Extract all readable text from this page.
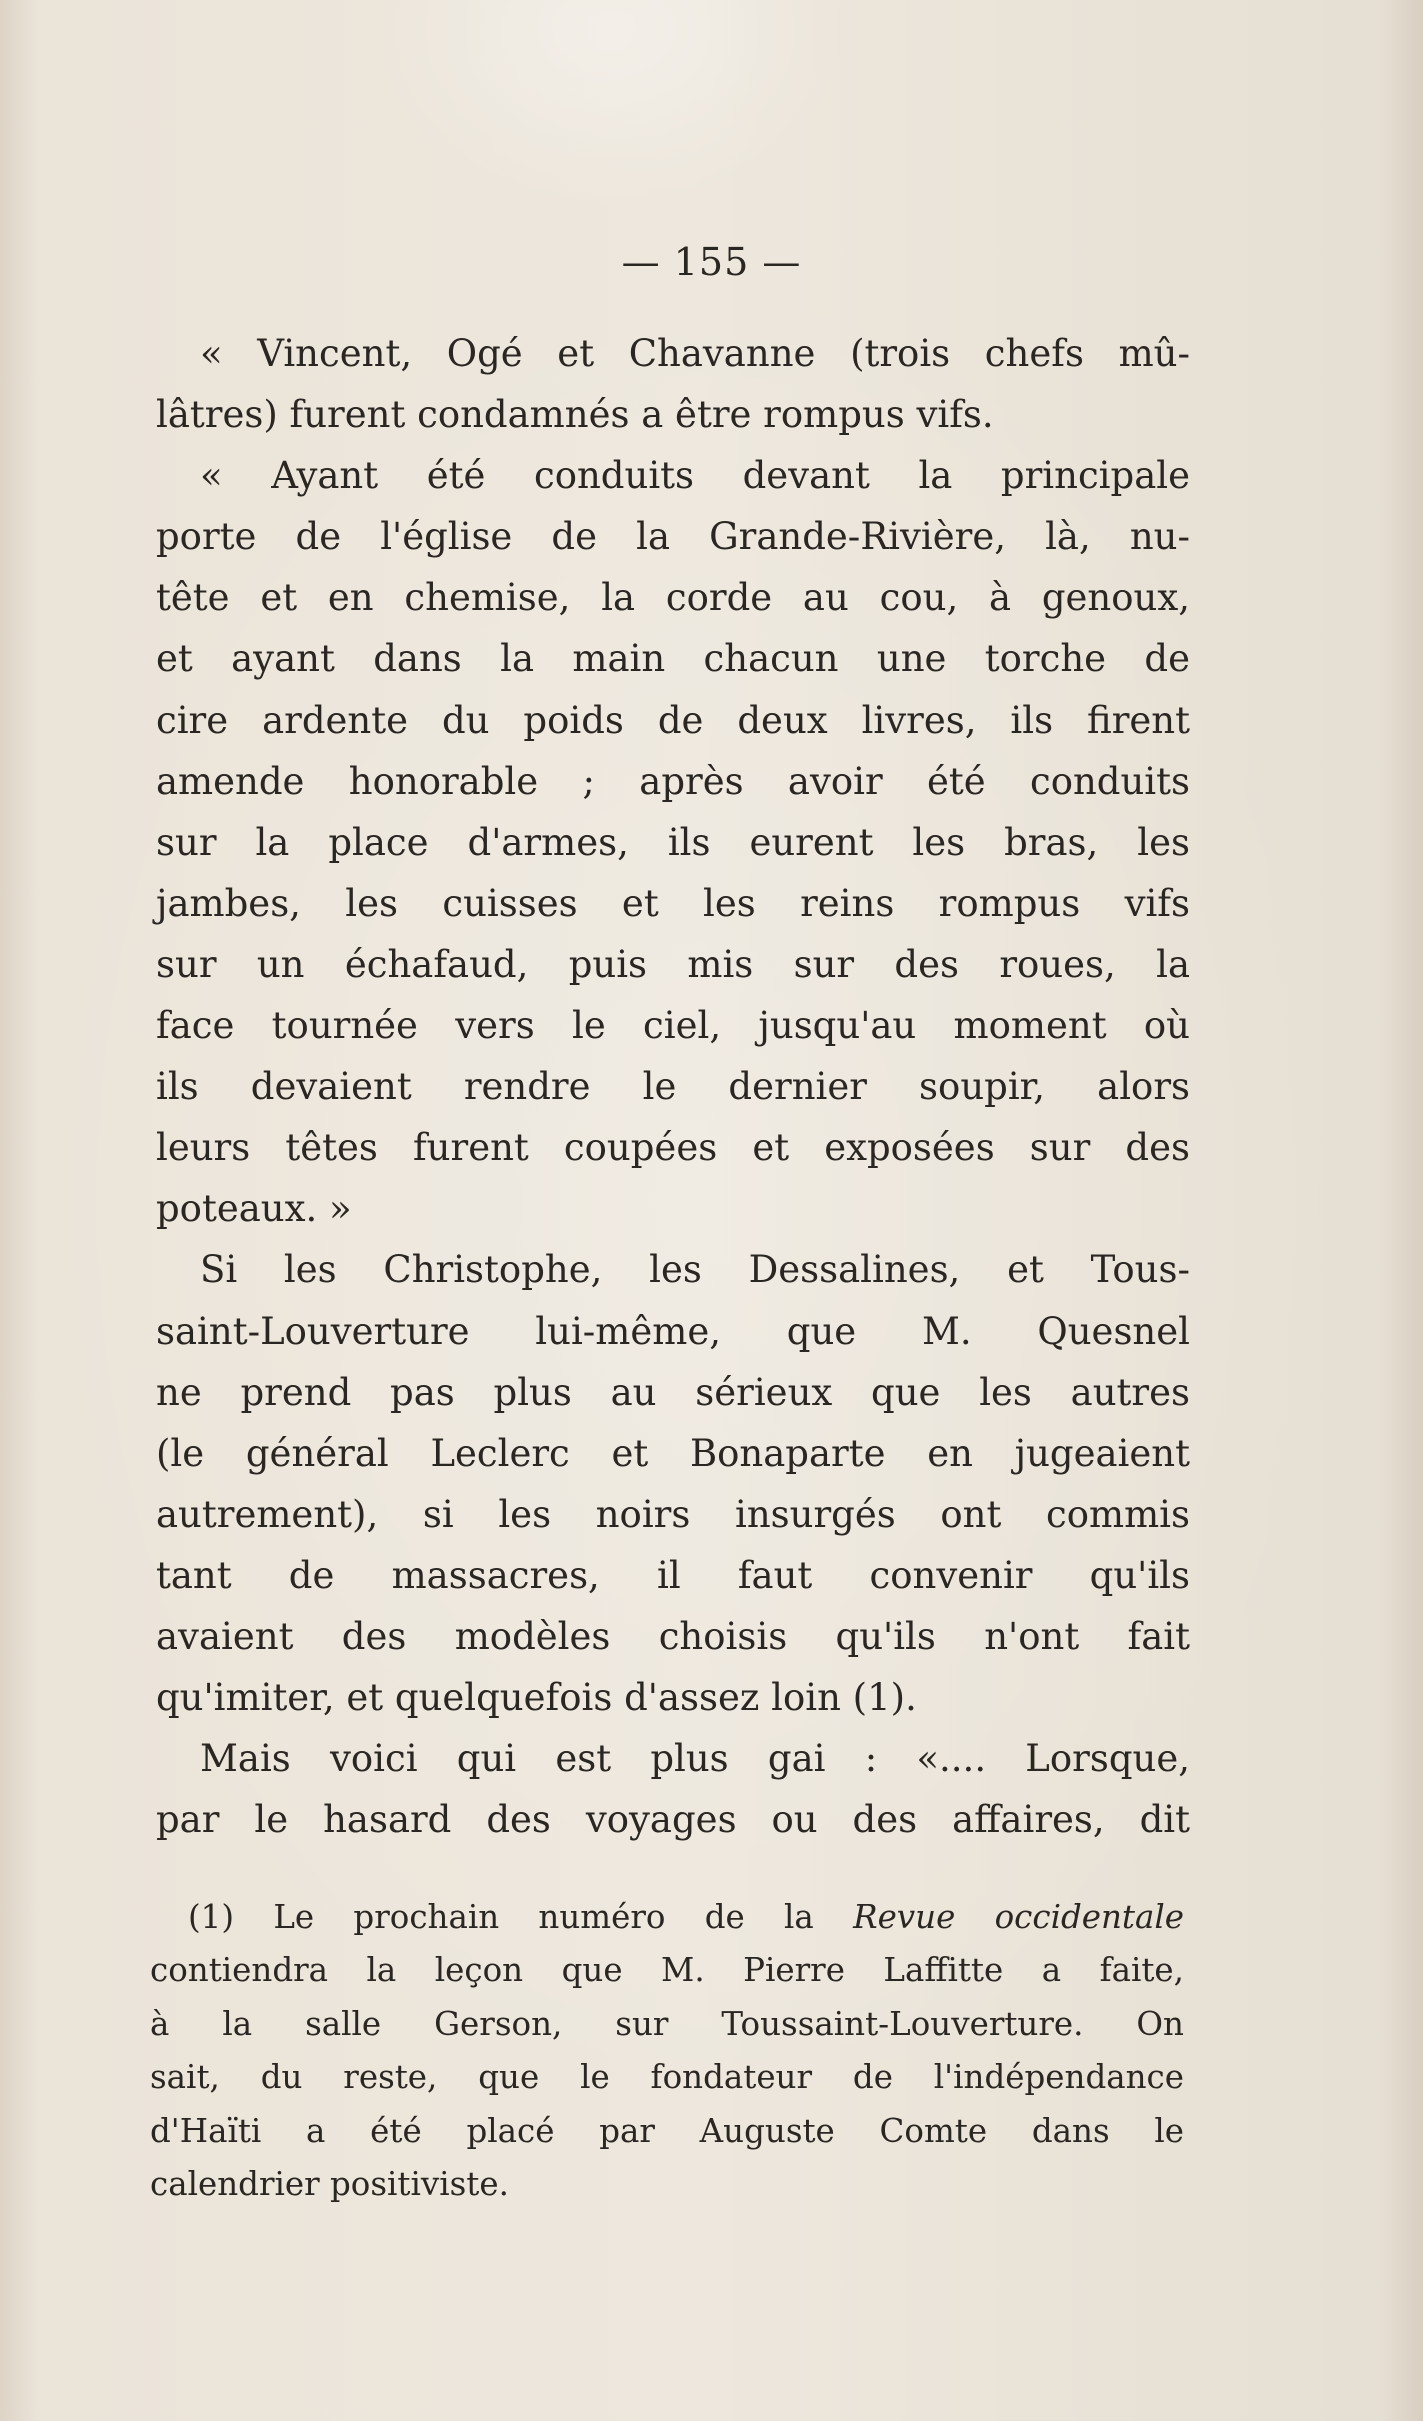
— 155 —
« Vincent, Ogé et Chavanne (trois chefs mû-
lâtres) furent condamnés a être rompus vifs.
« Ayant été conduits devant la principale
porte de l'église de la Grande-Rivière, là, nu-
tête et en chemise, la corde au cou, à genoux,
et ayant dans la main chacun une torche de
cire ardente du poids de deux livres, ils firent
amende honorable ; après avoir été conduits
sur la place d'armes, ils eurent les bras, les
jambes, les cuisses et les reins rompus vifs
sur un échafaud, puis mis sur des roues, la
face tournée vers le ciel, jusqu'au moment où
ils devaient rendre le dernier soupir, alors
leurs têtes furent coupées et exposées sur des
poteaux. »
Si les Christophe, les Dessalines, et Tous-
saint-Louverture lui-même, que M. Quesnel
ne prend pas plus au sérieux que les autres
(le général Leclerc et Bonaparte en jugeaient
autrement), si les noirs insurgés ont commis
tant de massacres, il faut convenir qu'ils
avaient des modèles choisis qu'ils n'ont fait
qu'imiter, et quelquefois d'assez loin (1).
Mais voici qui est plus gai : «.... Lorsque,
par le hasard des voyages ou des affaires, dit
(1) Le prochain numéro de la Revue occidentale
contiendra la leçon que M. Pierre Laffitte a faite,
à la salle Gerson, sur Toussaint-Louverture. On
sait, du reste, que le fondateur de l'indépendance
d'Haïti a été placé par Auguste Comte dans le
calendrier positiviste.
